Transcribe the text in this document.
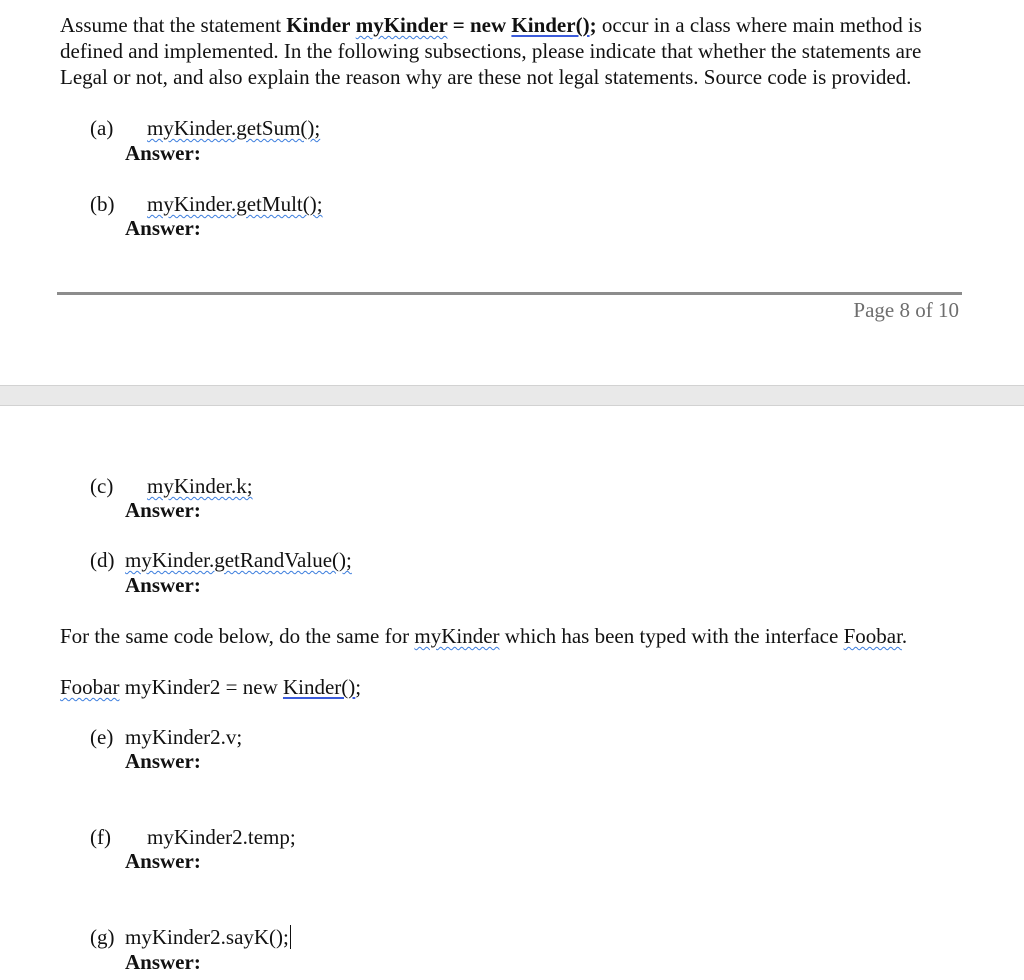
Assume that the statement Kinder myKinder = new Kinder(); occur in a class where main method is defined and implemented. In the following subsections, please indicate that whether the statements are Legal or not, and also explain the reason why are these not legal statements. Source code is provided.
(a) myKinder.getSum();
Answer:
(b) myKinder.getMult();
Answer:
Page 8 of 10
(c) myKinder.k;
Answer:
(d) myKinder.getRandValue();
Answer:
For the same code below, do the same for myKinder which has been typed with the interface Foobar.
Foobar myKinder2 = new Kinder();
(e) myKinder2.v;
Answer:
(f) myKinder2.temp;
Answer:
(g) myKinder2.sayK();
Answer:
